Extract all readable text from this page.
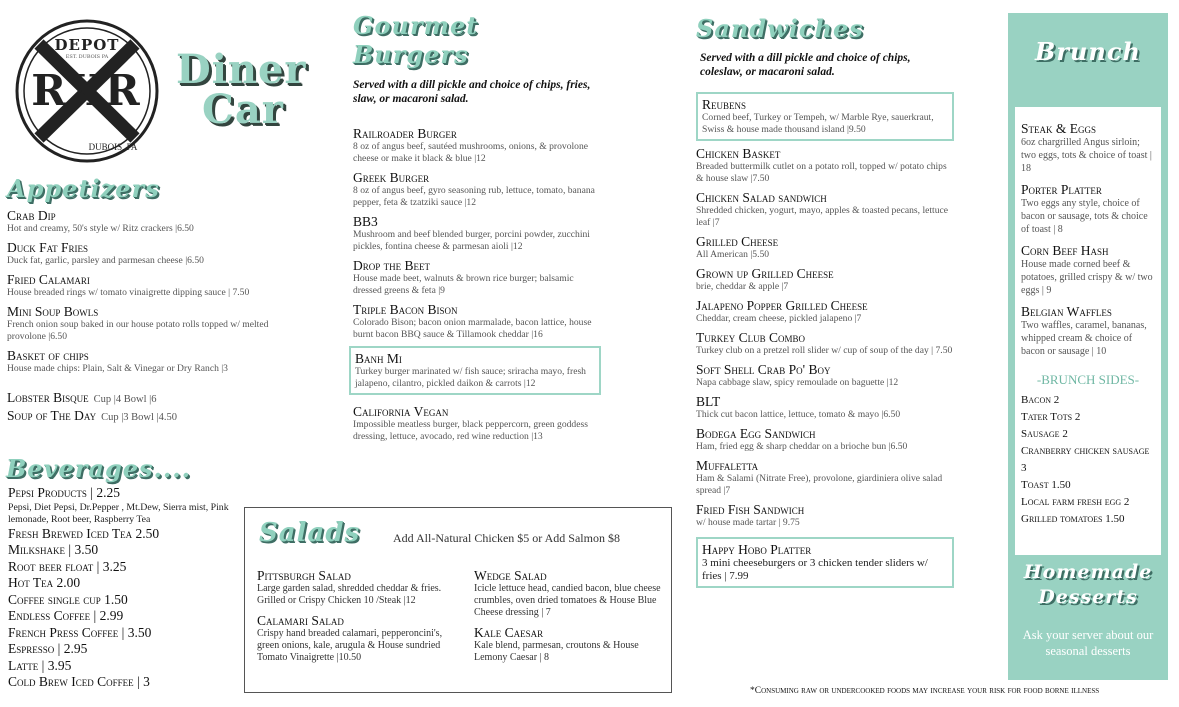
DEPOT
EST. DUBOIS PA
RXR
DUBOIS, PA
Diner
Car
Appetizers
Crab Dip
Hot and creamy, 50's style w/ Ritz crackers |6.50
Duck Fat Fries
Duck fat, garlic, parsley and parmesan cheese |6.50
Fried Calamari
House breaded rings w/ tomato vinaigrette dipping sauce | 7.50
Mini Soup Bowls
French onion soup baked in our house potato rolls topped w/ melted provolone |6.50
Basket of chips
House made chips: Plain, Salt & Vinegar or Dry Ranch |3
Lobster Bisque Cup |4 Bowl |6
Soup of The Day Cup |3 Bowl |4.50
Beverages....
Pepsi Products | 2.25
Pepsi, Diet Pepsi, Dr.Pepper , Mt.Dew, Sierra mist, Pink lemonade, Root beer, Raspberry Tea
Fresh Brewed Iced Tea 2.50
Milkshake | 3.50
Root beer float | 3.25
Hot Tea 2.00
Coffee single cup 1.50
Endless Coffee | 2.99
French Press Coffee | 3.50
Espresso | 2.95
Latte | 3.95
Cold Brew Iced Coffee | 3
Gourmet
Burgers
Served with a dill pickle and choice of chips, fries, slaw, or macaroni salad.
Railroader Burger
8 oz of angus beef, sautéed mushrooms, onions, & provolone cheese or make it black & blue |12
Greek Burger
8 oz of angus beef, gyro seasoning rub, lettuce, tomato, banana pepper, feta & tzatziki sauce |12
BB3
Mushroom and beef blended burger, porcini powder, zucchini pickles, fontina cheese & parmesan aioli |12
Drop the Beet
House made beet, walnuts & brown rice burger; balsamic dressed greens & feta |9
Triple Bacon Bison
Colorado Bison; bacon onion marmalade, bacon lattice, house burnt bacon BBQ sauce & Tillamook cheddar |16
Banh Mi
Turkey burger marinated w/ fish sauce; sriracha mayo, fresh jalapeno, cilantro, pickled daikon & carrots |12
California Vegan
Impossible meatless burger, black peppercorn, green goddess dressing, lettuce, avocado, red wine reduction |13
Salads	Add All-Natural Chicken $5 or Add Salmon $8
Pittsburgh Salad
Large garden salad, shredded cheddar & fries. Grilled or Crispy Chicken 10 /Steak |12
Calamari Salad
Crispy hand breaded calamari, pepperoncini's, green onions, kale, arugula & House sundried Tomato Vinaigrette |10.50
Wedge Salad
Icicle lettuce head, candied bacon, blue cheese crumbles, oven dried tomatoes & House Blue Cheese dressing | 7
Kale Caesar
Kale blend, parmesan, croutons & House Lemony Caesar | 8
Sandwiches
Served with a dill pickle and choice of chips, coleslaw, or macaroni salad.
Reubens
Corned beef, Turkey or Tempeh, w/ Marble Rye, sauerkraut, Swiss & house made thousand island |9.50
Chicken Basket
Breaded buttermilk cutlet on a potato roll, topped w/ potato chips & house slaw |7.50
Chicken Salad sandwich
Shredded chicken, yogurt, mayo, apples & toasted pecans, lettuce leaf |7
Grilled Cheese
All American |5.50
Grown up Grilled Cheese
brie, cheddar & apple |7
Jalapeno Popper Grilled Cheese
Cheddar, cream cheese, pickled jalapeno |7
Turkey Club Combo
Turkey club on a pretzel roll slider w/ cup of soup of the day | 7.50
Soft Shell Crab Po' Boy
Napa cabbage slaw, spicy remoulade on baguette |12
BLT
Thick cut bacon lattice, lettuce, tomato & mayo |6.50
Bodega Egg Sandwich
Ham, fried egg & sharp cheddar on a brioche bun |6.50
Muffaletta
Ham & Salami (Nitrate Free), provolone, giardiniera olive salad spread |7
Fried Fish Sandwich
w/ house made tartar | 9.75
Happy Hobo Platter
3 mini cheeseburgers or 3 chicken tender sliders w/ fries | 7.99
Brunch
Steak & Eggs
6oz chargrilled Angus sirloin; two eggs, tots & choice of toast | 18
Porter Platter
Two eggs any style, choice of bacon or sausage, tots & choice of toast | 8
Corn Beef Hash
House made corned beef & potatoes, grilled crispy & w/ two eggs | 9
Belgian Waffles
Two waffles, caramel, bananas, whipped cream & choice of bacon or sausage | 10
-BRUNCH SIDES-
Bacon 2
Tater Tots 2
Sausage 2
Cranberry chicken sausage 3
Toast 1.50
Local farm fresh egg 2
Grilled tomatoes 1.50
Homemade
Desserts
Ask your server about our seasonal desserts
*Consuming raw or undercooked foods may increase your risk for food borne illness
